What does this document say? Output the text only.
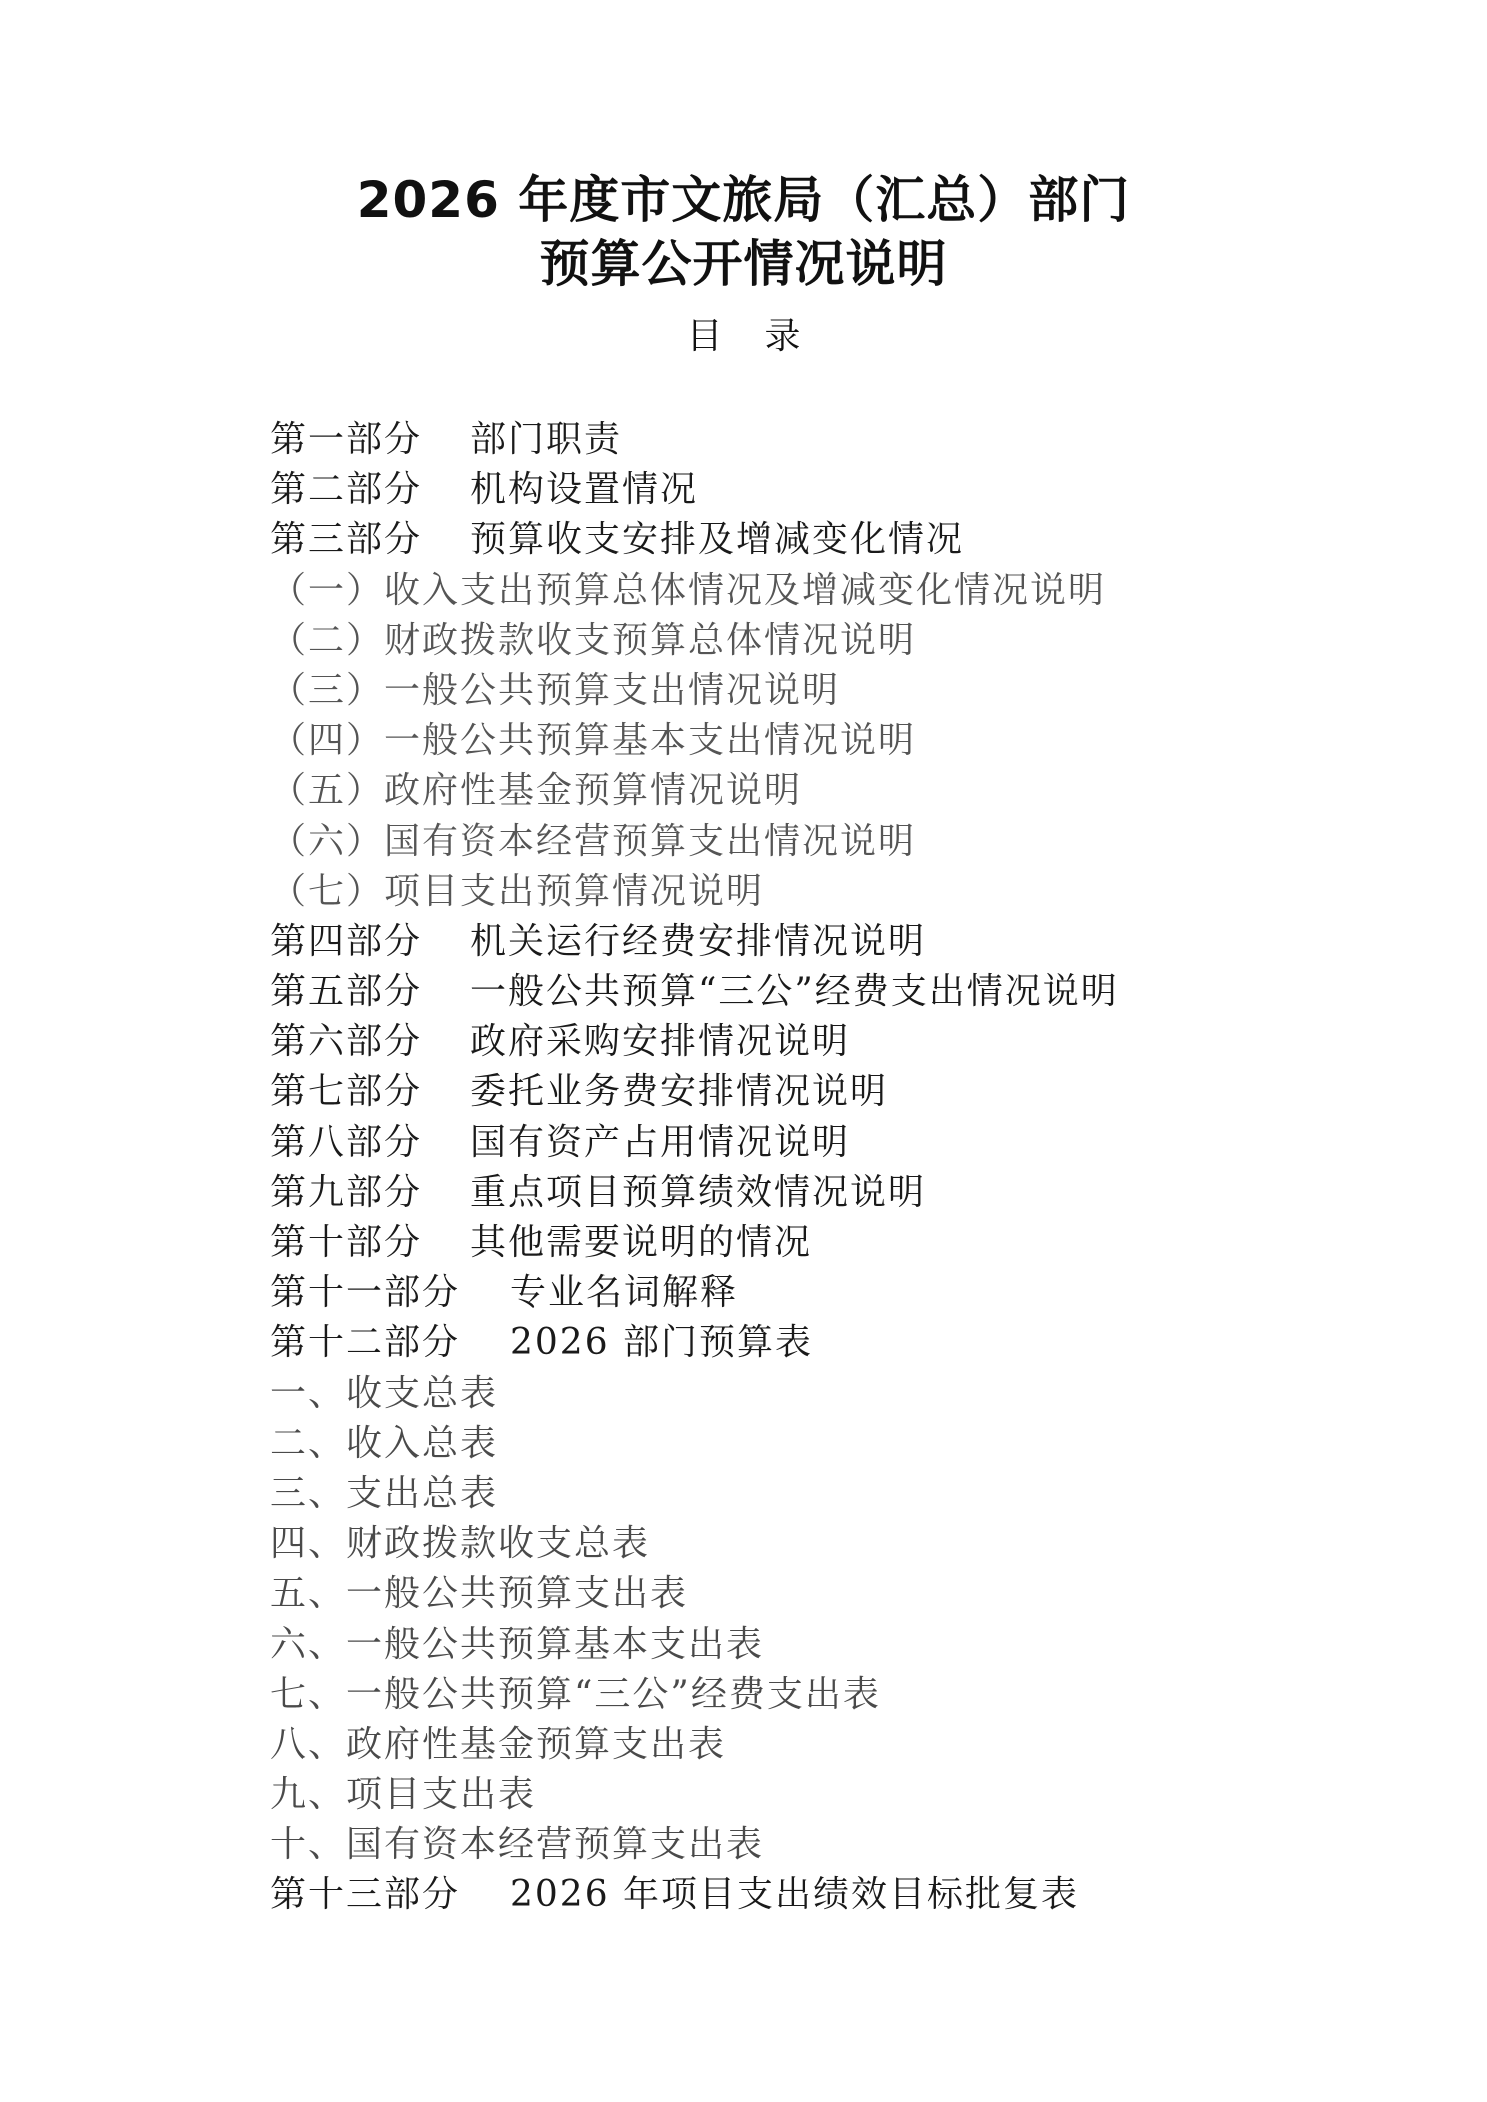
2026 年度市文旅局（汇总）部门
预算公开情况说明
目录
第一部分 部门职责
第二部分 机构设置情况
第三部分 预算收支安排及增减变化情况
（一）收入支出预算总体情况及增减变化情况说明
（二）财政拨款收支预算总体情况说明
（三）一般公共预算支出情况说明
（四）一般公共预算基本支出情况说明
（五）政府性基金预算情况说明
（六）国有资本经营预算支出情况说明
（七）项目支出预算情况说明
第四部分 机关运行经费安排情况说明
第五部分 一般公共预算“三公”经费支出情况说明
第六部分 政府采购安排情况说明
第七部分 委托业务费安排情况说明
第八部分 国有资产占用情况说明
第九部分 重点项目预算绩效情况说明
第十部分 其他需要说明的情况
第十一部分 专业名词解释
第十二部分 2026 部门预算表
一、收支总表
二、收入总表
三、支出总表
四、财政拨款收支总表
五、一般公共预算支出表
六、一般公共预算基本支出表
七、一般公共预算“三公”经费支出表
八、政府性基金预算支出表
九、项目支出表
十、国有资本经营预算支出表
第十三部分 2026 年项目支出绩效目标批复表
